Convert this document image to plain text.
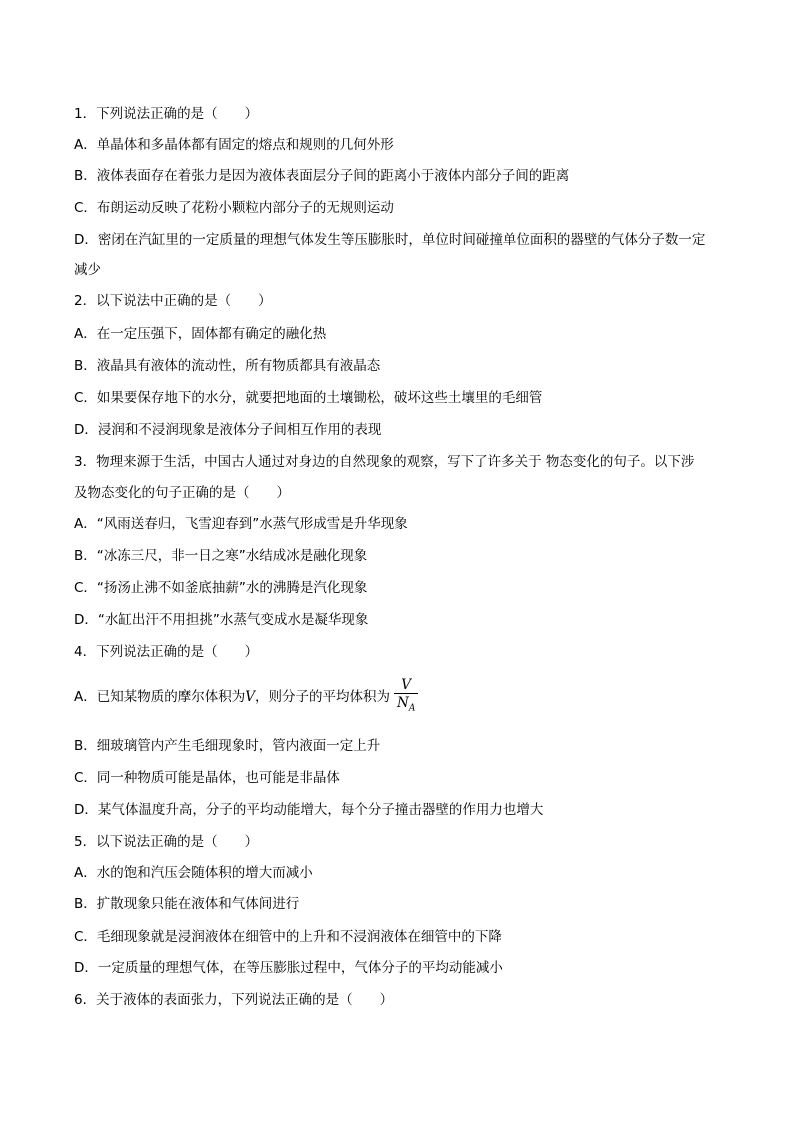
1．下列说法正确的是（　　）
A．单晶体和多晶体都有固定的熔点和规则的几何外形
B．液体表面存在着张力是因为液体表面层分子间的距离小于液体内部分子间的距离
C．布朗运动反映了花粉小颗粒内部分子的无规则运动
D．密闭在汽缸里的一定质量的理想气体发生等压膨胀时，单位时间碰撞单位面积的器壁的气体分子数一定
减少
2．以下说法中正确的是（　　）
A．在一定压强下，固体都有确定的融化热
B．液晶具有液体的流动性，所有物质都具有液晶态
C．如果要保存地下的水分，就要把地面的土壤锄松，破坏这些土壤里的毛细管
D．浸润和不浸润现象是液体分子间相互作用的表现
3．物理来源于生活，中国古人通过对身边的自然现象的观察，写下了许多关于 物态变化的句子。以下涉
及物态变化的句子正确的是（　　）
A．“风雨送春归，飞雪迎春到”水蒸气形成雪是升华现象
B．“冰冻三尺，非一日之寒”水结成冰是融化现象
C．“扬汤止沸不如釜底抽薪”水的沸腾是汽化现象
D．“水缸出汗不用担挑”水蒸气变成水是凝华现象
4．下列说法正确的是（　　）
A．已知某物质的摩尔体积为V，则分子的平均体积为 $\frac{V}{N_A}$
B．细玻璃管内产生毛细现象时，管内液面一定上升
C．同一种物质可能是晶体，也可能是非晶体
D．某气体温度升高，分子的平均动能增大，每个分子撞击器壁的作用力也增大
5．以下说法正确的是（　　）
A．水的饱和汽压会随体积的增大而减小
B．扩散现象只能在液体和气体间进行
C．毛细现象就是浸润液体在细管中的上升和不浸润液体在细管中的下降
D．一定质量的理想气体，在等压膨胀过程中，气体分子的平均动能减小
6．关于液体的表面张力，下列说法正确的是（　　）
